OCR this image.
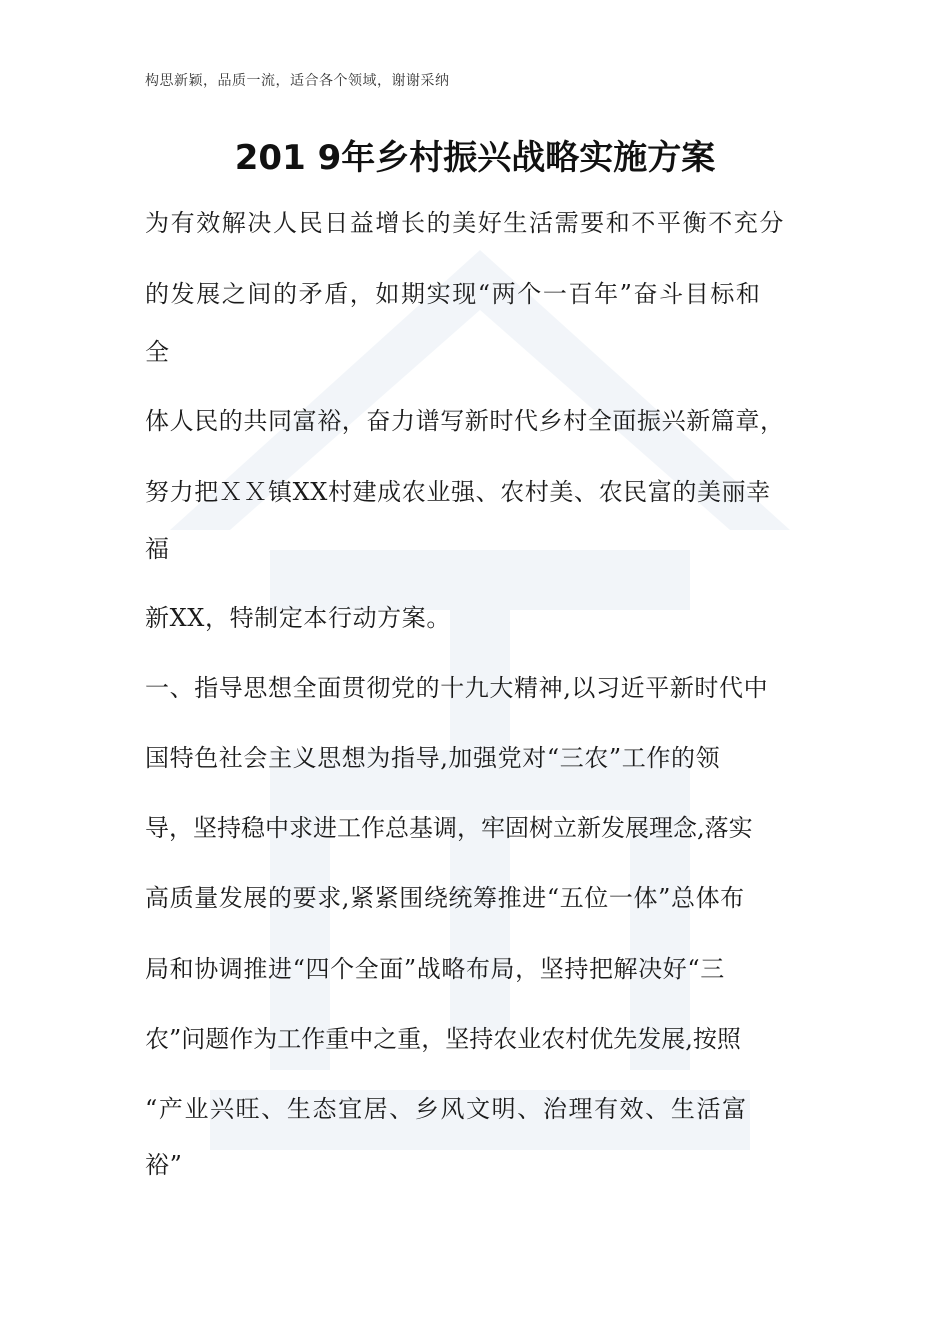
构思新颖，品质一流，适合各个领域，谢谢采纳
201 9年乡村振兴战略实施方案
为有效解决人民日益增长的美好生活需要和不平衡不充分
的发展之间的矛盾，如期实现“两个一百年”奋斗目标和
全
体人民的共同富裕，奋力谱写新时代乡村全面振兴新篇章，
努力把ＸＸ镇XX村建成农业强、农村美、农民富的美丽幸
福
新XX，特制定本行动方案。
一、指导思想全面贯彻党的十九大精神,以习近平新时代中
国特色社会主义思想为指导,加强党对“三农”工作的领
导，坚持稳中求进工作总基调，牢固树立新发展理念,落实
高质量发展的要求,紧紧围绕统筹推进“五位一体”总体布
局和协调推进“四个全面”战略布局，坚持把解决好“三
农”问题作为工作重中之重，坚持农业农村优先发展,按照
“产业兴旺、生态宜居、乡风文明、治理有效、生活富
裕”
